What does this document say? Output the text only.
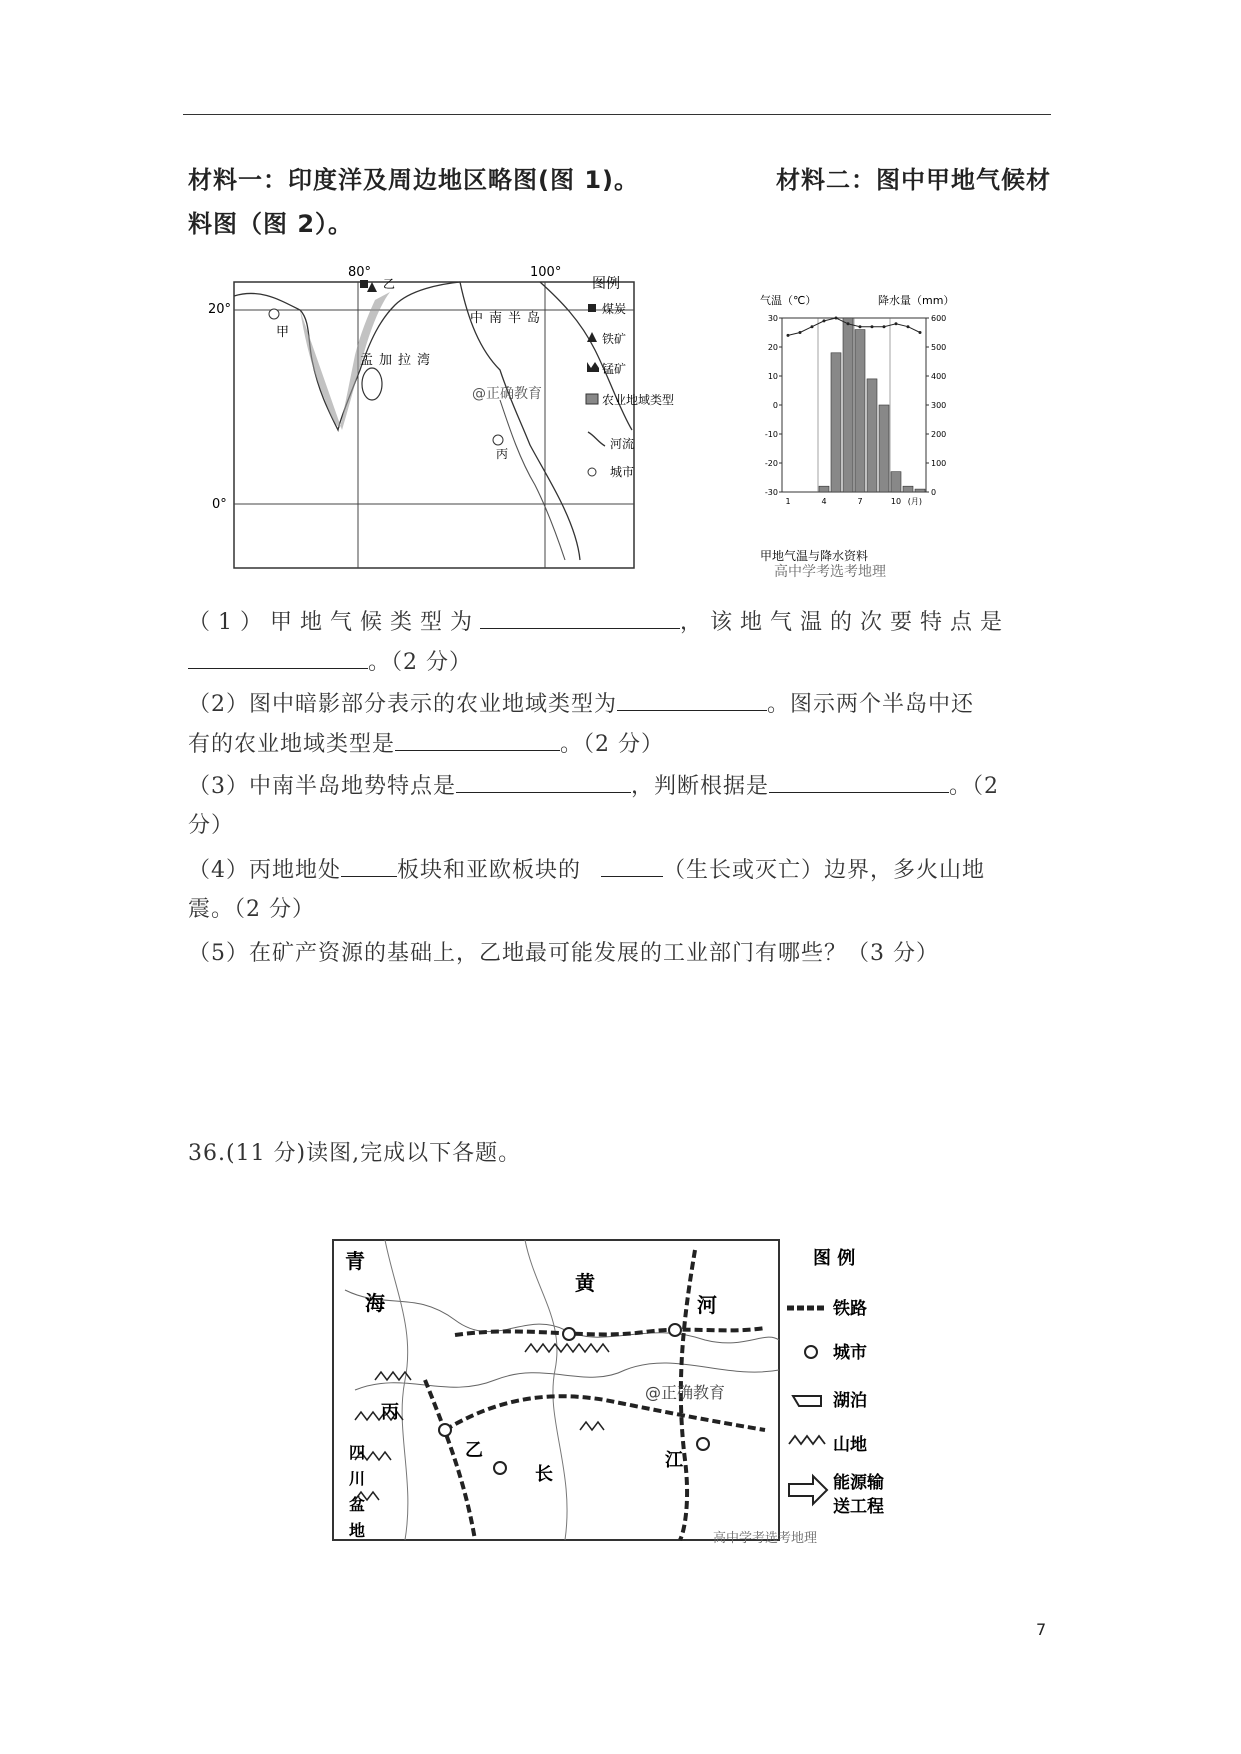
材料一：印度洋及周边地区略图(图 1)。	材料二：图中甲地气候材
料图（图 2）。
80°	100°
20°
0°
甲
乙
孟加拉湾
中南半岛
@正确教育
丙
图例
煤炭
铁矿
锰矿
农业地域类型
河流
城市
气温（℃）	降水量（mm）
30
20
10
0
-10
-20
-30
600
500
400
300
200
100
0
1	4	7	10 (月)
甲地气温与降水资料
高中学考选考地理
（1）甲地气候类型为	，该地气温的次要特点是
。（2 分）
（2）图中暗影部分表示的农业地域类型为	。图示两个半岛中还
有的农业地域类型是	。（2 分）
（3）中南半岛地势特点是	，判断根据是	。（2
分）
（4）丙地地处	板块和亚欧板块的	（生长或灭亡）边界，多火山地
震。（2 分）
（5）在矿产资源的基础上，乙地最可能发展的工业部门有哪些？（3 分）
36.(11 分)读图,完成以下各题。
青
海
黄
河
丙
乙
长
江
四
川
盆
地
@正确教育
图 例
铁路
城市
湖泊
山地
能源输
送工程
高中学考选考地理
7
